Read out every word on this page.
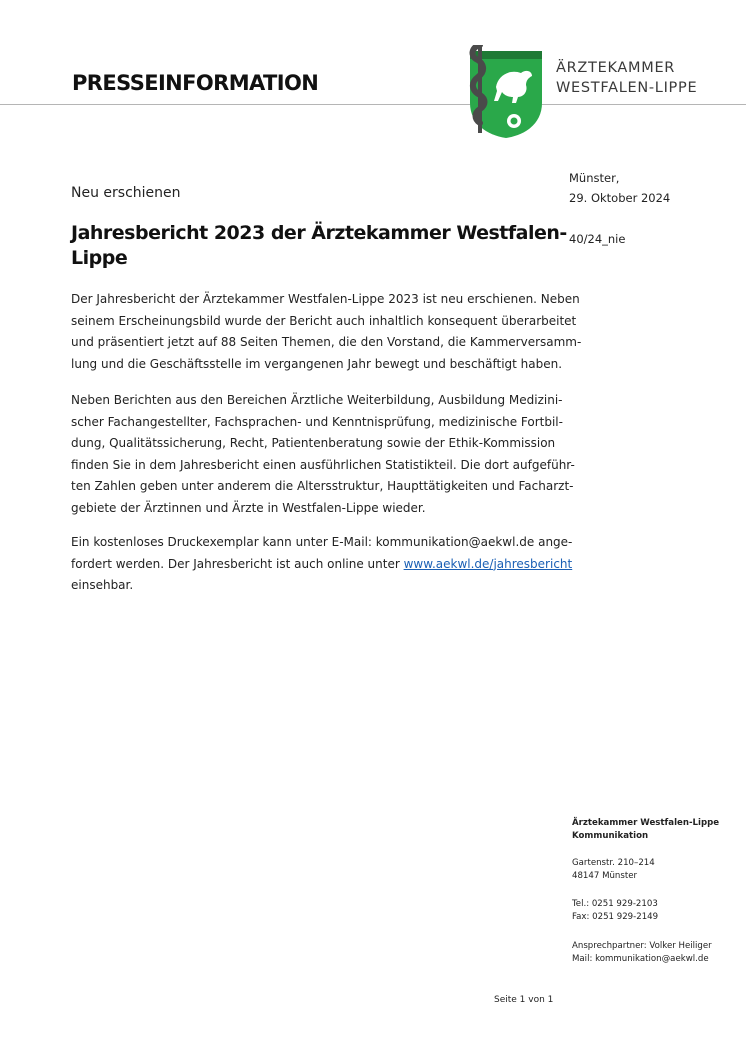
PRESSEINFORMATION
ÄRZTEKAMMER
WESTFALEN-LIPPE
Münster,
29. Oktober 2024
40/24_nie
Neu erschienen
Jahresbericht 2023 der Ärztekammer Westfalen-
Lippe
Der Jahresbericht der Ärztekammer Westfalen-Lippe 2023 ist neu erschienen. Neben
seinem Erscheinungsbild wurde der Bericht auch inhaltlich konsequent überarbeitet
und präsentiert jetzt auf 88 Seiten Themen, die den Vorstand, die Kammerversamm-
lung und die Geschäftsstelle im vergangenen Jahr bewegt und beschäftigt haben.
Neben Berichten aus den Bereichen Ärztliche Weiterbildung, Ausbildung Medizini-
scher Fachangestellter, Fachsprachen- und Kenntnisprüfung, medizinische Fortbil-
dung, Qualitätssicherung, Recht, Patientenberatung sowie der Ethik-Kommission
finden Sie in dem Jahresbericht einen ausführlichen Statistikteil. Die dort aufgeführ-
ten Zahlen geben unter anderem die Altersstruktur, Haupttätigkeiten und Facharzt-
gebiete der Ärztinnen und Ärzte in Westfalen-Lippe wieder.
Ein kostenloses Druckexemplar kann unter E-Mail: kommunikation@aekwl.de ange-
fordert werden. Der Jahresbericht ist auch online unter www.aekwl.de/jahresbericht
einsehbar.
Ärztekammer Westfalen-Lippe
Kommunikation
Gartenstr. 210–214
48147 Münster
Tel.: 0251 929-2103
Fax: 0251 929-2149
Ansprechpartner: Volker Heiliger
Mail: kommunikation@aekwl.de
Seite 1 von 1
